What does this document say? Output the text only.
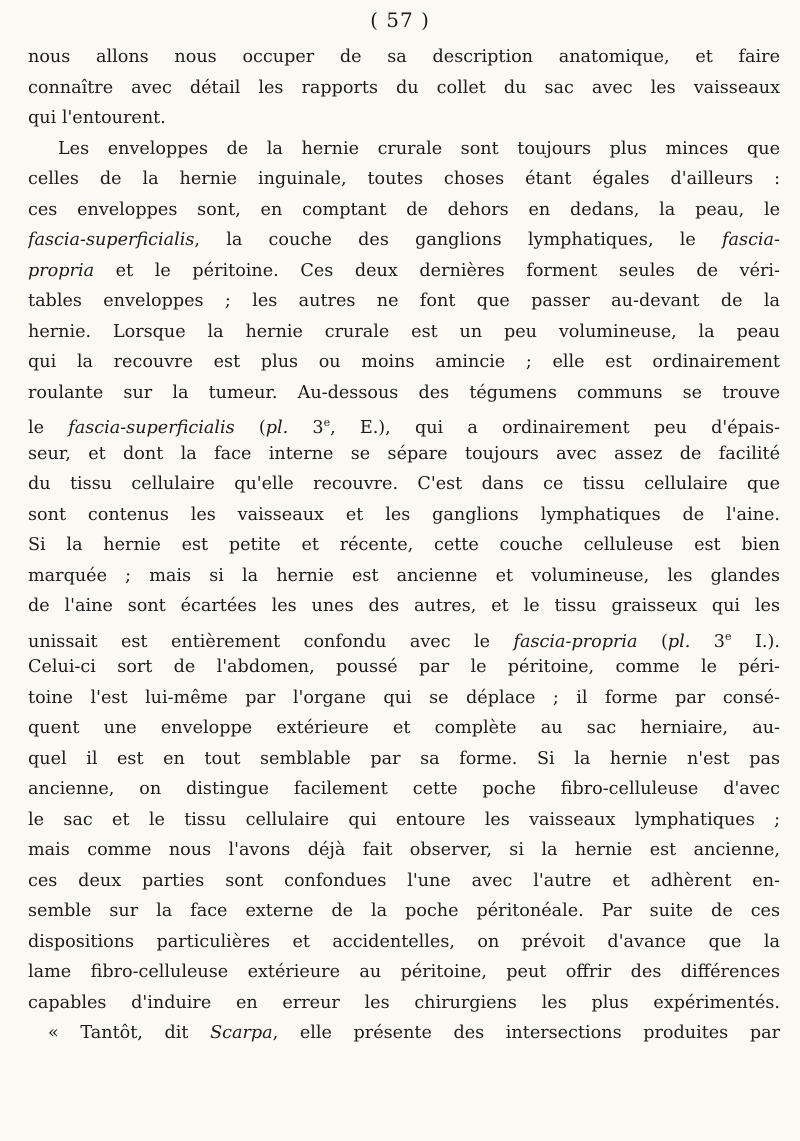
( 57 )
nous allons nous occuper de sa description anatomique, et faire
connaître avec détail les rapports du collet du sac avec les vaisseaux
qui l'entourent.
Les enveloppes de la hernie crurale sont toujours plus minces que
celles de la hernie inguinale, toutes choses étant égales d'ailleurs :
ces enveloppes sont, en comptant de dehors en dedans, la peau, le
fascia-superficialis, la couche des ganglions lymphatiques, le fascia-
propria et le péritoine. Ces deux dernières forment seules de véri-
tables enveloppes ; les autres ne font que passer au-devant de la
hernie. Lorsque la hernie crurale est un peu volumineuse, la peau
qui la recouvre est plus ou moins amincie ; elle est ordinairement
roulante sur la tumeur. Au-dessous des tégumens communs se trouve
le fascia-superficialis (pl. 3e, E.), qui a ordinairement peu d'épais-
seur, et dont la face interne se sépare toujours avec assez de facilité
du tissu cellulaire qu'elle recouvre. C'est dans ce tissu cellulaire que
sont contenus les vaisseaux et les ganglions lymphatiques de l'aine.
Si la hernie est petite et récente, cette couche celluleuse est bien
marquée ; mais si la hernie est ancienne et volumineuse, les glandes
de l'aine sont écartées les unes des autres, et le tissu graisseux qui les
unissait est entièrement confondu avec le fascia-propria (pl. 3e I.).
Celui-ci sort de l'abdomen, poussé par le péritoine, comme le péri-
toine l'est lui-même par l'organe qui se déplace ; il forme par consé-
quent une enveloppe extérieure et complète au sac herniaire, au-
quel il est en tout semblable par sa forme. Si la hernie n'est pas
ancienne, on distingue facilement cette poche fibro-celluleuse d'avec
le sac et le tissu cellulaire qui entoure les vaisseaux lymphatiques ;
mais comme nous l'avons déjà fait observer, si la hernie est ancienne,
ces deux parties sont confondues l'une avec l'autre et adhèrent en-
semble sur la face externe de la poche péritonéale. Par suite de ces
dispositions particulières et accidentelles, on prévoit d'avance que la
lame fibro-celluleuse extérieure au péritoine, peut offrir des différences
capables d'induire en erreur les chirurgiens les plus expérimentés.
« Tantôt, dit Scarpa, elle présente des intersections produites par
